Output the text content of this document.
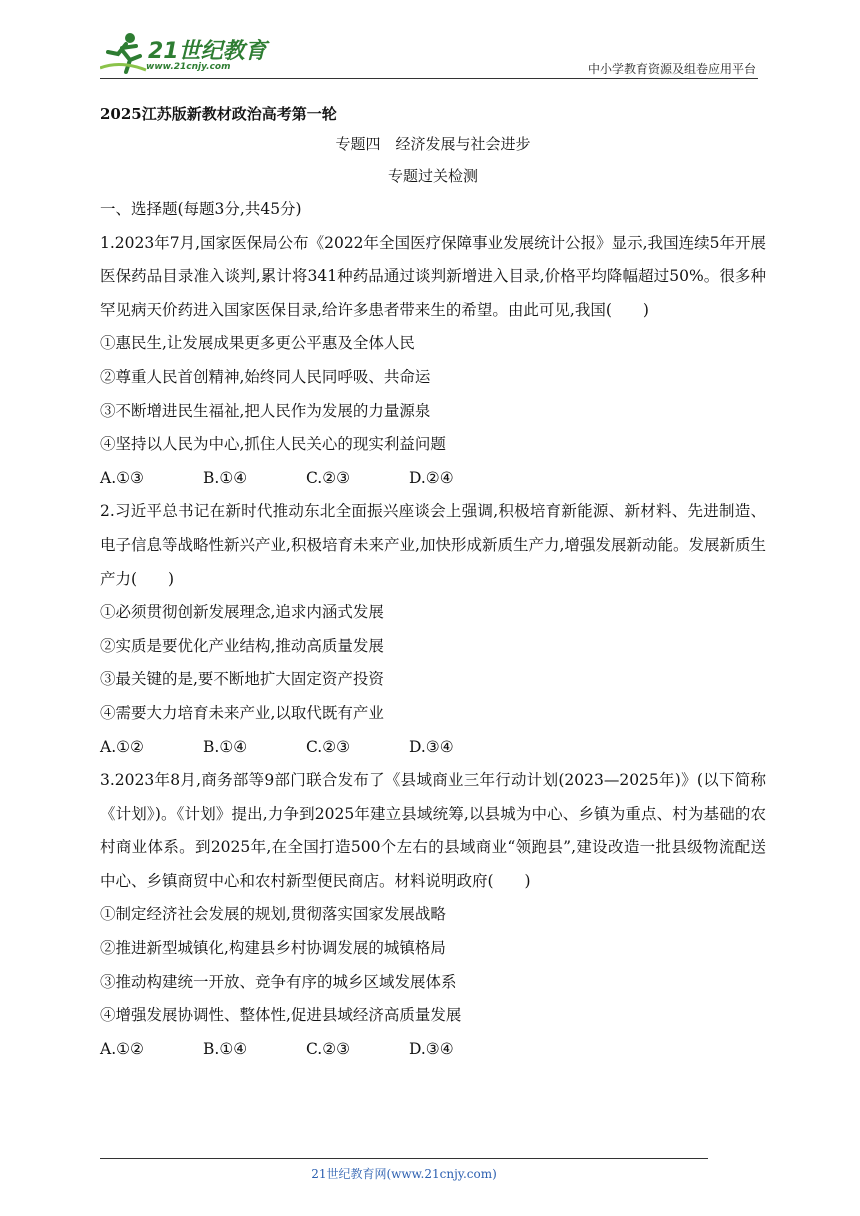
21世纪教育
www.21cnjy.com	中小学教育资源及组卷应用平台
2025江苏版新教材政治高考第一轮
专题四　经济发展与社会进步
专题过关检测
一、选择题(每题3分,共45分)
1.2023年7月,国家医保局公布《2022年全国医疗保障事业发展统计公报》显示,我国连续5年开展医保药品目录准入谈判,累计将341种药品通过谈判新增进入目录,价格平均降幅超过50%。很多种罕见病天价药进入国家医保目录,给许多患者带来生的希望。由此可见,我国(　　)
①惠民生,让发展成果更多更公平惠及全体人民
②尊重人民首创精神,始终同人民同呼吸、共命运
③不断增进民生福祉,把人民作为发展的力量源泉
④坚持以人民为中心,抓住人民关心的现实利益问题
A.①③	B.①④	C.②③	D.②④
2.习近平总书记在新时代推动东北全面振兴座谈会上强调,积极培育新能源、新材料、先进制造、电子信息等战略性新兴产业,积极培育未来产业,加快形成新质生产力,增强发展新动能。发展新质生产力(　　)
①必须贯彻创新发展理念,追求内涵式发展
②实质是要优化产业结构,推动高质量发展
③最关键的是,要不断地扩大固定资产投资
④需要大力培育未来产业,以取代既有产业
A.①②	B.①④	C.②③	D.③④
3.2023年8月,商务部等9部门联合发布了《县域商业三年行动计划(2023—2025年)》(以下简称《计划》)。《计划》提出,力争到2025年建立县域统筹,以县城为中心、乡镇为重点、村为基础的农村商业体系。到2025年,在全国打造500个左右的县域商业“领跑县”,建设改造一批县级物流配送中心、乡镇商贸中心和农村新型便民商店。材料说明政府(　　)
①制定经济社会发展的规划,贯彻落实国家发展战略
②推进新型城镇化,构建县乡村协调发展的城镇格局
③推动构建统一开放、竞争有序的城乡区域发展体系
④增强发展协调性、整体性,促进县域经济高质量发展
A.①②	B.①④	C.②③	D.③④
21世纪教育网(www.21cnjy.com)
